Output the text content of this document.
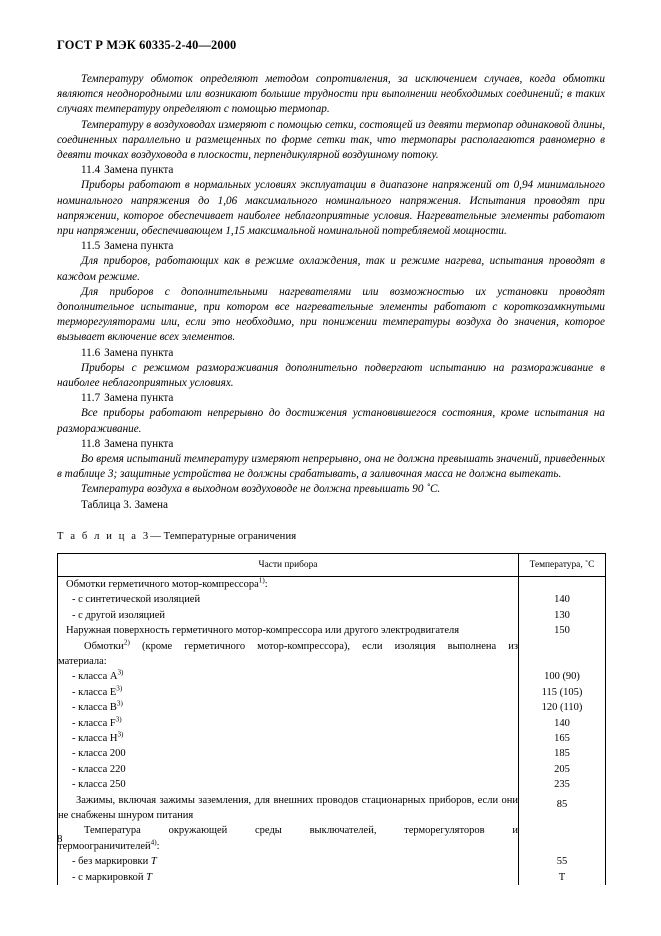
ГОСТ Р МЭК 60335-2-40—2000

Температуру обмоток определяют методом сопротивления, за исключением случаев, когда обмотки являются неоднородными или возникают большие трудности при выполнении необходимых соединений; в таких случаях температуру определяют с помощью термопар.

Температуру в воздуховодах измеряют с помощью сетки, состоящей из девяти термопар одинаковой длины, соединенных параллельно и размещенных по форме сетки так, что термопары располагаются равномерно в девяти точках воздуховода в плоскости, перпендикулярной воздушному потоку.

11.4 Замена пункта

Приборы работают в нормальных условиях эксплуатации в диапазоне напряжений от 0,94 минимального номинального напряжения до 1,06 максимального номинального напряжения. Испытания проводят при напряжении, которое обеспечивает наиболее неблагоприятные условия. Нагревательные элементы работают при напряжении, обеспечивающем 1,15 максимальной номинальной потребляемой мощности.

11.5 Замена пункта

Для приборов, работающих как в режиме охлаждения, так и режиме нагрева, испытания проводят в каждом режиме.

Для приборов с дополнительными нагревателями или возможностью их установки проводят дополнительное испытание, при котором все нагревательные элементы работают с короткозамкнутыми терморегуляторами или, если это необходимо, при понижении температуры воздуха до значения, которое вызывает включение всех элементов.

11.6 Замена пункта

Приборы с режимом размораживания дополнительно подвергают испытанию на размораживание в наиболее неблагоприятных условиях.

11.7 Замена пункта

Все приборы работают непрерывно до достижения установившегося состояния, кроме испытания на размораживание.

11.8 Замена пункта

Во время испытаний температуру измеряют непрерывно, она не должна превышать значений, приведенных в таблице 3; защитные устройства не должны срабатывать, а заливочная масса не должна вытекать.

Температура воздуха в выходном воздуховоде не должна превышать 90 ˚С.

Таблица 3. Замена

Т а б л и ц а 3— Температурные ограничения
Части прибора	Температура, ˚С

Обмотки герметичного мотор-компрессора$^{1)}$:	

- с синтетической изоляцией	140

- с другой изоляцией	130

Наружная поверхность герметичного мотор-компрессора или другого электродвигателя	150

Обмотки$^{2)}$ (кроме герметичного мотор-компрессора), если изоляция выполнена из
материала:	

- класса $А^{3)}$	100 (90)

- класса $Е^{3)}$	115 (105)

- класса $В^{3)}$	120 (110)

- класса $F^{3)}$	140

- класса $Н^{3)}$	165

- класса 200	185

- класса 220	205

- класса 250	235

Зажимы, включая зажимы заземления, для внешних проводов стационарных приборов, если они не снабжены шнуром питания	85

Температура окружающей среды выключателей, терморегуляторов и
термоограничителей$^{4)}$:	

- без маркировки T	55

- с маркировкой T	T
8
